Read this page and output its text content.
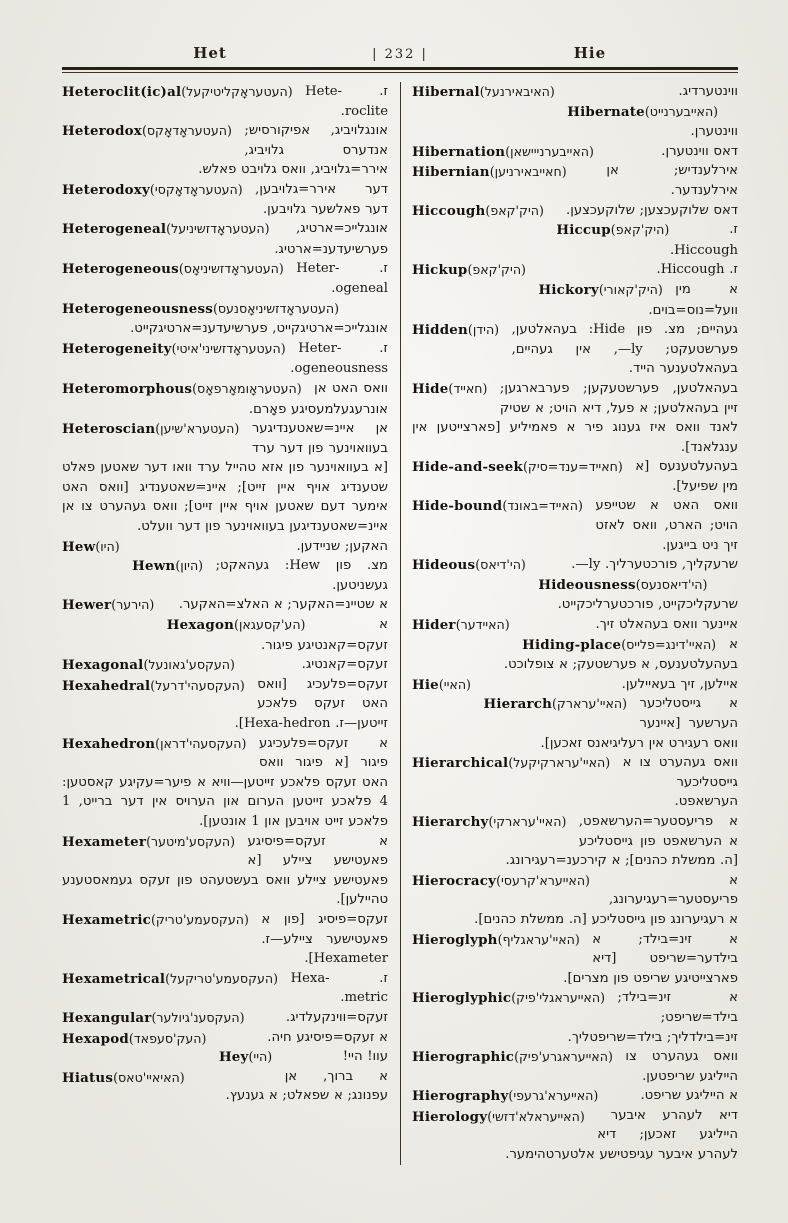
Het	| 232 |	Hie

Heteroclit(ic)al (העטעראָקליטיקעל) ז. Hete-roclite.

Heterodox (העטעראָדאָקס) אונגלויביג, אפיקורסיש; אנדערס גלויביג, אירר=גלויביג, וואס גלויבט פאלש.

Heterodoxy (העטעראָדאָקסי) דער אירר=גלויבען, דער פאלשער גלויבען.

Heterogeneal (העטעראָדזשיניעל) אונגלייכ=ארטיג, פערשיעדענ=ארטיג.

Heterogeneous (העטעראָדזשיניאָס) ז. Heter-ogeneal.

Heterogeneousness (העטעראָדזשיניאָסנעס)
אונגלייכ=ארטיגקייט, פערשיעדענ=ארטיגקייט.

Heterogeneity (העטעראָדזשיני'איטי) ז. Heter-ogeneousness.

Heteromorphous (העטעראָומאָרפאָס) וואס האט אן אונרעגעלמעסיגע פאָרם.

Heteroscian (העטערא'שיען) אן איינ=שאטענדיגער בעוואוינער פון דער ערד [א בעוואוינער פון אזא טהייל ערד וואו דער שאטען פאלט שטענדיג אויף איין זייט]; איינ=שאטענדיג [וואס האט אימער דעם שאטען אויף איין זייט]; וואס געהערט צו אן איינ=שאטענדיגען בעוואוינער פון דער וועלט.

Hew (היו)	האקען; שניידען.

Hewn (היון) מצ. פון Hew: געהאקט; געשניטען.

Hewer (הירער) א שטיינ=האקער; א האלצ=האקער.

Hexagon (הע'קסעגאן)	א זעקס=קאנטיגע פיגור.

Hexagonal (העקסע'גאונעל)	זעקס=קאנטיג.

Hexahedral (העקסעהי'דרעל) זעקס=פלעכיג [וואס האט זעקס פלאכע זייטען—ז. Hexa-hedron].

Hexahedron (העקסעהי'דראן) א זעקס=פלעכיגע פיגור [א פיגור וואס האט זעקס פלאכע זייטען—וויא א פיער=עקיגע קאסטען: 4 פלאכע זייטען הערום און הערויס אין דער ברייט, 1 פלאכע זייט אויבען און 1 אונטען].

Hexameter (העקסע'מיטער) א זעקס=פיסיגע פאעטישע ציילע [א פאעטישע ציילע וואס בעשטעהט פון זעקס געמאסטענע טהיילען].

Hexametric (העקסעמע'טריק) זעקס=פיסיג [פון א פאעטישער ציילע—ז. Hexameter].

Hexametrical (העקסעמע'טריקעל) ז. Hexa-metric.

Hexangular (העקסענ'גיולער)	זעקס=ווינקעלדיג.

Hexapod (העק'סעפאד)	א זעקס=פיסיגע חיה.

Hey (היי)	עוו! היי!

Hiatus (האיאיי'טאס)	א ברוך, אן עפנונג; א שפאלט; א גענעץ.

Hibernal (האיבאירנעל)	ווינטערדיג.

Hibernate (האייבערנייט)
ווינטערן.

Hibernation (האייבערנייישאן)	דאס ווינטערן.

Hibernian (חאייבאירניען)	אירלענדיש; אן אירלענדער.

Hiccough (היק'קאפ) דאס שלוקעכצען; שלוקעכצען.

Hiccup (היק'קאפ)	ז. Hiccough.

Hickup (היק'קאפ)	ז. Hiccough.

Hickory (היק'קאורי) א מין וועל=נוס=בוים.

Hidden (הידן) געהיים; מצ. פון Hide: בעהאלטען, פערשטעקט; ‎—ly, אין געהיים, בעהאלטענער הייד.

Hide (חאייד) בעהאלטען, פערשטעקען; פערבארגען; זיין בעהאלטען; א פעל, דיא הויט; א שטיק לאנד וואס איז גענוג פיר א פאמיליע [פארצייטען אין ענגלאנד].

Hide-and-seek (חאייד=ענד=סיק) בעהעלטענעס [א מין שפיעל].

Hide-bound (האייד=באונד) וואס האט א שטייפע הויט; הארט, וואס לאזט זיך ניט בייגען.

Hideous (הי'דיאס)	שרעקליך, פורכטערליך. ‎—ly.

Hideousness (הי'דיאסנעס)
שרעקליכקייט, פורכטערליכקייט.

Hider (האיידער)	איינער וואס בעהאלט זיך.

Hiding-place (האיי'דינג=פלייס) א בעהעלטענעס, א פערשטעק; א צופלוכט.

Hie (האיי)	איילען, זיך בעאיילען.

Hierarch (האיי'ערארק) א גייסטליכער הערשער [איינער וואס רעגירט אין רעליגיאנס זאכען].

Hierarchical (האיי'ערארקיקעל) וואס געהערט צו א גייסטליכער הערשאפט.

Hierarchy (האיי'ערארקי) א פריעסטער=הערשאפט, א הערשאפט פון גייסטליכע [ה. ממשלת כהנים]; א קירכענ=רעגירונג.

Hierocracy (האייערא'קרעסי)	א פריעסטער=רעגיערונג, א רעגיערונג פון גייסטליכע [ה. ממשלת כהנים].

Hieroglyph (האיי'עראגליף) א זינ=בילד; א בילדער=שריפט [דיא פארצייטיגע שריפט פון מצרים].

Hieroglyphic (האייעראגלי'פיק) א זינ=בילד; בילד=שריפט; זינ=בילדליך; בילד=שריפטליך.

Hierographic (האייעראגרע'פיק) וואס געהערט צו הייליגע שריפטען.

Hierography (האייערא'גרעפי)	א הייליגע שריפט.

Hierology (האייעראלא'דזשי) דיא לעהרע איבער הייליגע זאכען; דיא לעהרע איבער עגיפטישע אלטערטהימער.
